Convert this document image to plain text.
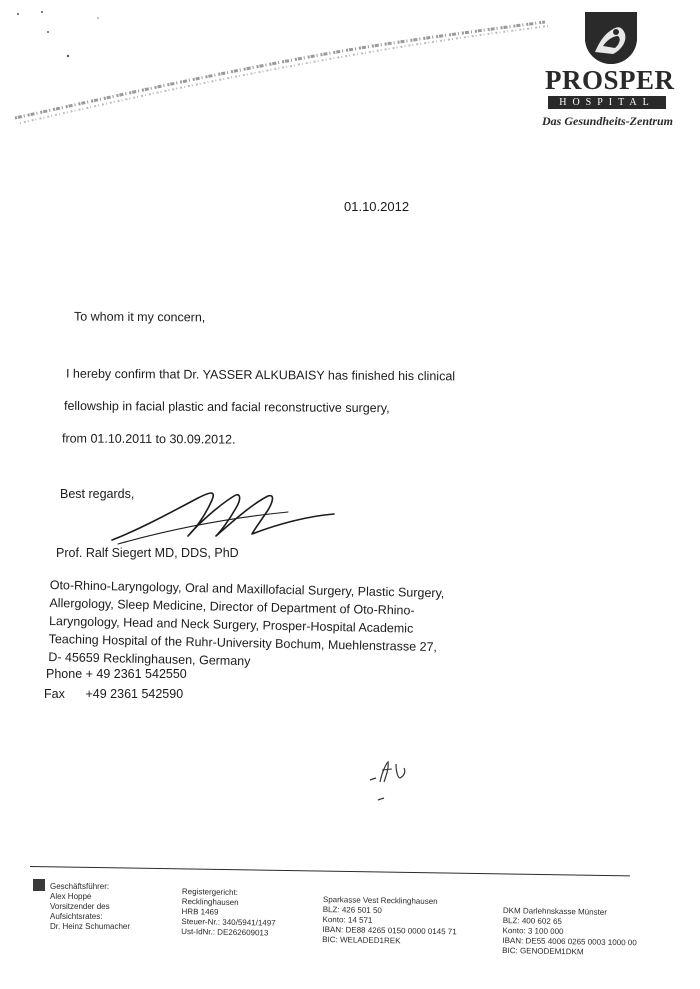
PROSPER
HOSPITAL
Das Gesundheits-Zentrum
01.10.2012
To whom it my concern,
I hereby confirm that Dr. YASSER ALKUBAISY has finished his clinical
fellowship in facial plastic and facial reconstructive surgery,
from 01.10.2011 to 30.09.2012.
Best regards,
Prof. Ralf Siegert MD, DDS, PhD
Oto-Rhino-Laryngology, Oral and Maxillofacial Surgery, Plastic Surgery,
Allergology, Sleep Medicine, Director of Department of Oto-Rhino-
Laryngology, Head and Neck Surgery, Prosper-Hospital Academic
Teaching Hospital of the Ruhr-University Bochum, Muehlenstrasse 27,
D- 45659 Recklinghausen, Germany
Phone + 49 2361 542550
Fax +49 2361 542590
Geschäftsführer:
Alex Hoppe
Vorsitzender des
Aufsichtsrates:
Dr. Heinz Schumacher
Registergericht:
Recklinghausen
HRB 1469
Steuer-Nr.: 340/5941/1497
Ust-IdNr.: DE262609013
Sparkasse Vest Recklinghausen
BLZ: 426 501 50
Konto: 14 571
IBAN: DE88 4265 0150 0000 0145 71
BIC: WELADED1REK
DKM Darlehnskasse Münster
BLZ: 400 602 65
Konto: 3 100 000
IBAN: DE55 4006 0265 0003 1000 00
BIC: GENODEM1DKM
